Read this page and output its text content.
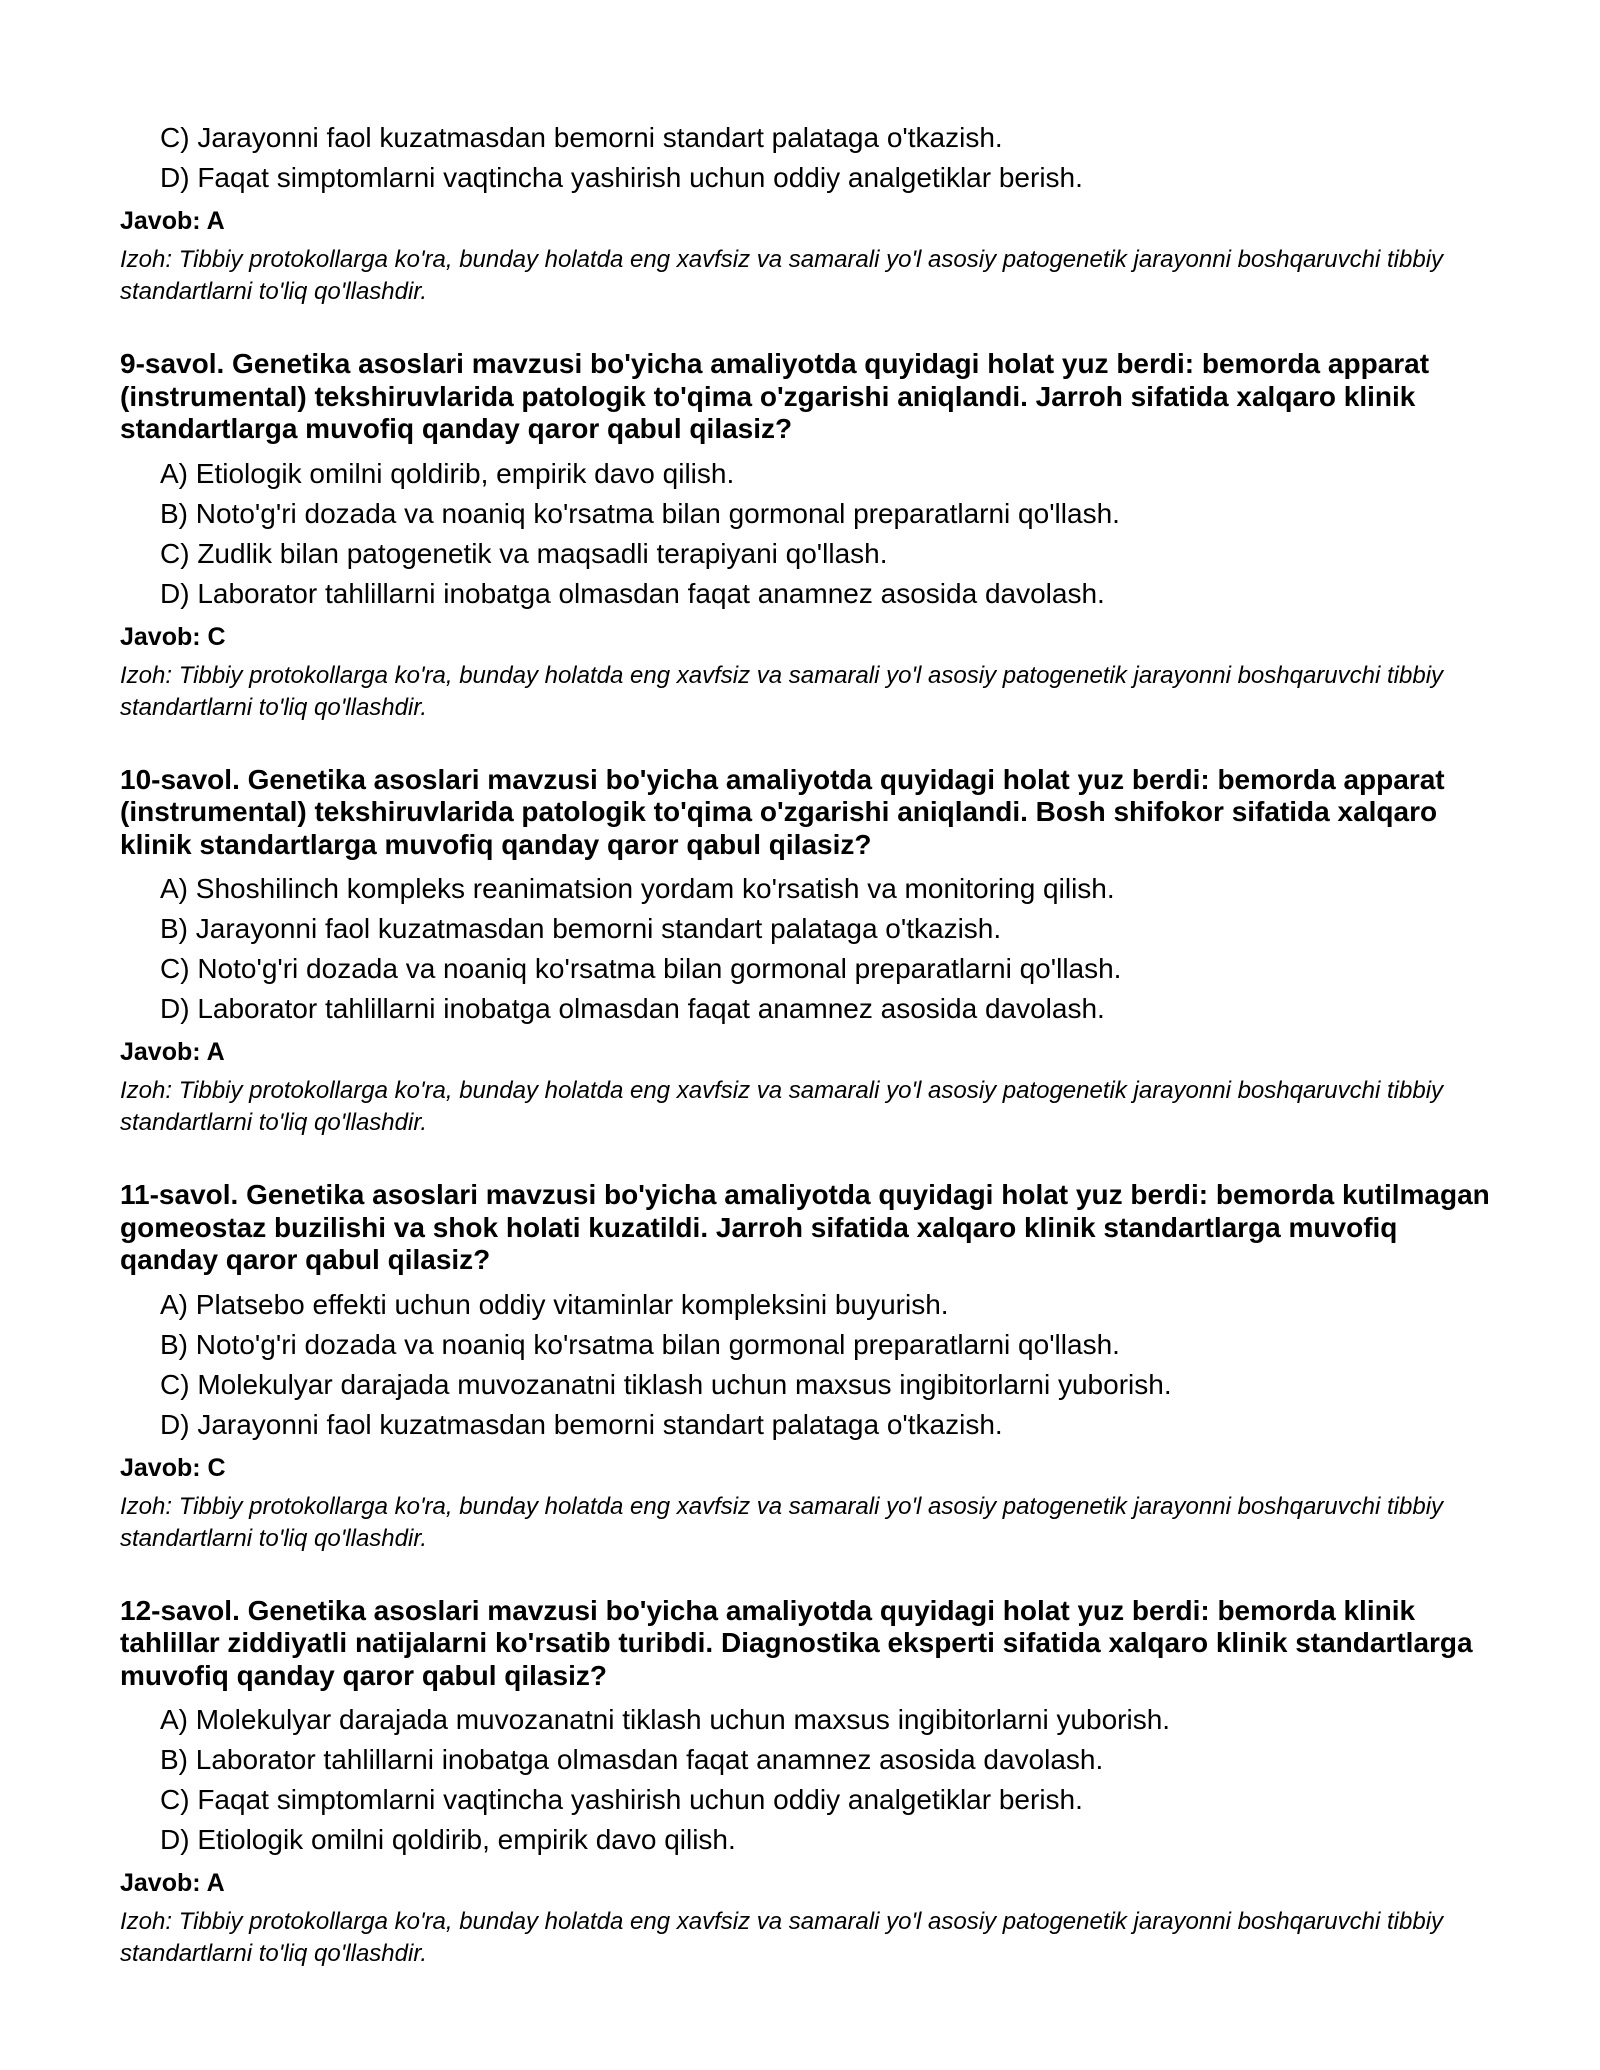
C) Jarayonni faol kuzatmasdan bemorni standart palataga o'tkazish.
D) Faqat simptomlarni vaqtincha yashirish uchun oddiy analgetiklar berish.
Javob: A
Izoh: Tibbiy protokollarga ko'ra, bunday holatda eng xavfsiz va samarali yo'l asosiy patogenetik jarayonni boshqaruvchi tibbiy standartlarni to'liq qo'llashdir.
9-savol. Genetika asoslari mavzusi bo'yicha amaliyotda quyidagi holat yuz berdi: bemorda apparat (instrumental) tekshiruvlarida patologik to'qima o'zgarishi aniqlandi. Jarroh sifatida xalqaro klinik standartlarga muvofiq qanday qaror qabul qilasiz?
A) Etiologik omilni qoldirib, empirik davo qilish.
B) Noto'g'ri dozada va noaniq ko'rsatma bilan gormonal preparatlarni qo'llash.
C) Zudlik bilan patogenetik va maqsadli terapiyani qo'llash.
D) Laborator tahlillarni inobatga olmasdan faqat anamnez asosida davolash.
Javob: C
Izoh: Tibbiy protokollarga ko'ra, bunday holatda eng xavfsiz va samarali yo'l asosiy patogenetik jarayonni boshqaruvchi tibbiy standartlarni to'liq qo'llashdir.
10-savol. Genetika asoslari mavzusi bo'yicha amaliyotda quyidagi holat yuz berdi: bemorda apparat (instrumental) tekshiruvlarida patologik to'qima o'zgarishi aniqlandi. Bosh shifokor sifatida xalqaro klinik standartlarga muvofiq qanday qaror qabul qilasiz?
A) Shoshilinch kompleks reanimatsion yordam ko'rsatish va monitoring qilish.
B) Jarayonni faol kuzatmasdan bemorni standart palataga o'tkazish.
C) Noto'g'ri dozada va noaniq ko'rsatma bilan gormonal preparatlarni qo'llash.
D) Laborator tahlillarni inobatga olmasdan faqat anamnez asosida davolash.
Javob: A
Izoh: Tibbiy protokollarga ko'ra, bunday holatda eng xavfsiz va samarali yo'l asosiy patogenetik jarayonni boshqaruvchi tibbiy standartlarni to'liq qo'llashdir.
11-savol. Genetika asoslari mavzusi bo'yicha amaliyotda quyidagi holat yuz berdi: bemorda kutilmagan gomeostaz buzilishi va shok holati kuzatildi. Jarroh sifatida xalqaro klinik standartlarga muvofiq qanday qaror qabul qilasiz?
A) Platsebo effekti uchun oddiy vitaminlar kompleksini buyurish.
B) Noto'g'ri dozada va noaniq ko'rsatma bilan gormonal preparatlarni qo'llash.
C) Molekulyar darajada muvozanatni tiklash uchun maxsus ingibitorlarni yuborish.
D) Jarayonni faol kuzatmasdan bemorni standart palataga o'tkazish.
Javob: C
Izoh: Tibbiy protokollarga ko'ra, bunday holatda eng xavfsiz va samarali yo'l asosiy patogenetik jarayonni boshqaruvchi tibbiy standartlarni to'liq qo'llashdir.
12-savol. Genetika asoslari mavzusi bo'yicha amaliyotda quyidagi holat yuz berdi: bemorda klinik tahlillar ziddiyatli natijalarni ko'rsatib turibdi. Diagnostika eksperti sifatida xalqaro klinik standartlarga muvofiq qanday qaror qabul qilasiz?
A) Molekulyar darajada muvozanatni tiklash uchun maxsus ingibitorlarni yuborish.
B) Laborator tahlillarni inobatga olmasdan faqat anamnez asosida davolash.
C) Faqat simptomlarni vaqtincha yashirish uchun oddiy analgetiklar berish.
D) Etiologik omilni qoldirib, empirik davo qilish.
Javob: A
Izoh: Tibbiy protokollarga ko'ra, bunday holatda eng xavfsiz va samarali yo'l asosiy patogenetik jarayonni boshqaruvchi tibbiy standartlarni to'liq qo'llashdir.
